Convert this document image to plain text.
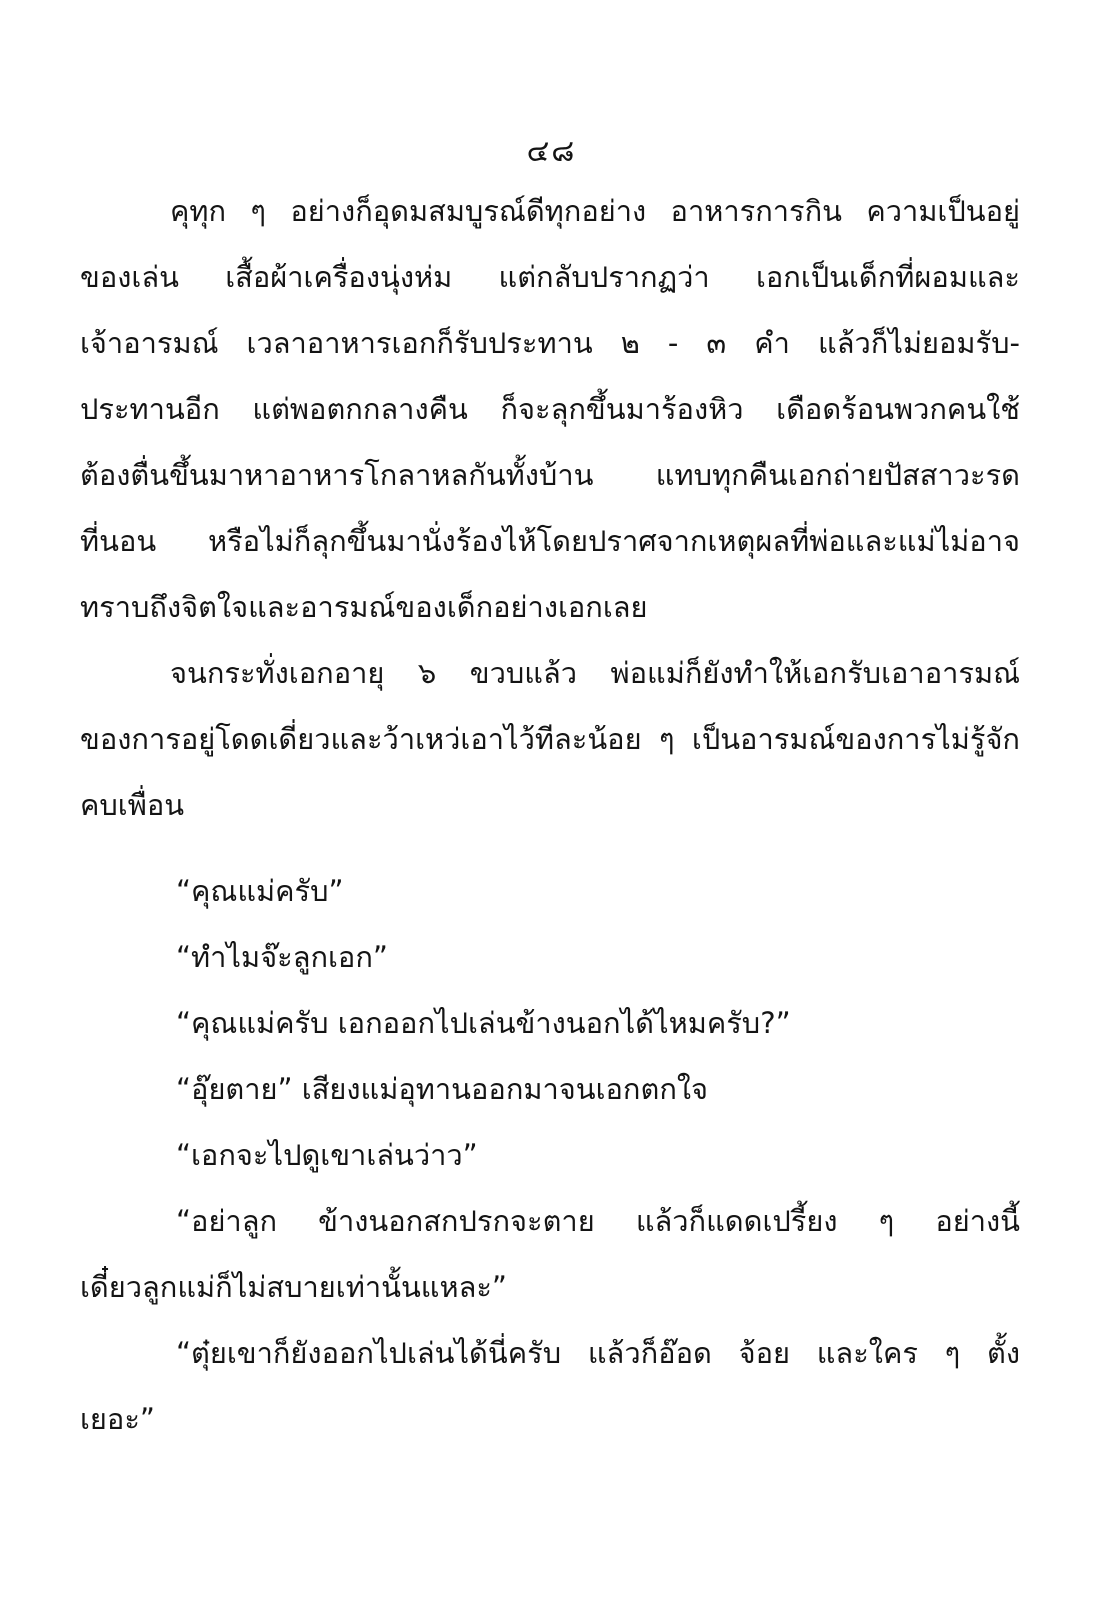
๔๘
คุทุก ๆ อย่างก็อุดมสมบูรณ์ดีทุกอย่าง อาหารการกิน ความเป็นอยู่
ของเล่น เสื้อผ้าเครื่องนุ่งห่ม แต่กลับปรากฏว่า เอกเป็นเด็กที่ผอมและ
เจ้าอารมณ์ เวลาอาหารเอกก็รับประทาน ๒ - ๓ คำ แล้วก็ไม่ยอมรับ-
ประทานอีก แต่พอตกกลางคืน ก็จะลุกขึ้นมาร้องหิว เดือดร้อนพวกคนใช้
ต้องตื่นขึ้นมาหาอาหารโกลาหลกันทั้งบ้าน แทบทุกคืนเอกถ่ายปัสสาวะรด
ที่นอน หรือไม่ก็ลุกขึ้นมานั่งร้องไห้โดยปราศจากเหตุผลที่พ่อและแม่ไม่อาจ
ทราบถึงจิตใจและอารมณ์ของเด็กอย่างเอกเลย
จนกระทั่งเอกอายุ ๖ ขวบแล้ว พ่อแม่ก็ยังทำให้เอกรับเอาอารมณ์
ของการอยู่โดดเดี่ยวและว้าเหว่เอาไว้ทีละน้อย ๆ เป็นอารมณ์ของการไม่รู้จัก
คบเพื่อน
“คุณแม่ครับ”
“ทำไมจ๊ะลูกเอก”
“คุณแม่ครับ เอกออกไปเล่นข้างนอกได้ไหมครับ?”
“อุ๊ยตาย” เสียงแม่อุทานออกมาจนเอกตกใจ
“เอกจะไปดูเขาเล่นว่าว”
“อย่าลูก ข้างนอกสกปรกจะตาย แล้วก็แดดเปรี้ยง ๆ อย่างนี้
เดี๋ยวลูกแม่ก็ไม่สบายเท่านั้นแหละ”
“ตุ๋ยเขาก็ยังออกไปเล่นได้นี่ครับ แล้วก็อ๊อด จ้อย และใคร ๆ ตั้ง
เยอะ”
